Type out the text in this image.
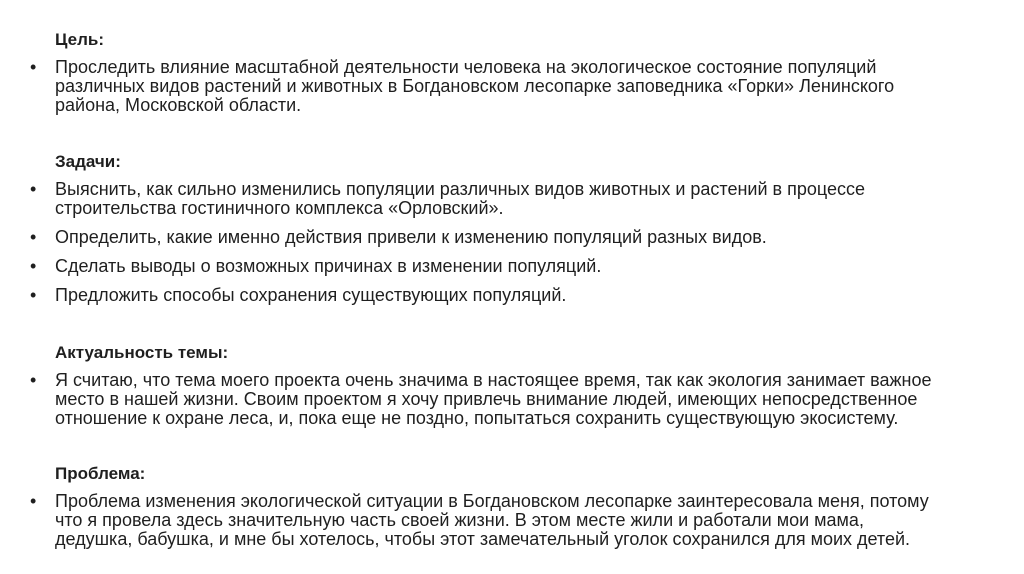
Цель:
•	Проследить влияние масштабной деятельности человека на экологическое состояние популяций
различных видов растений и животных в Богдановском лесопарке заповедника «Горки» Ленинского
района, Московской области.
Задачи:
•	Выяснить, как сильно изменились популяции различных видов животных и растений в процессе
строительства гостиничного комплекса «Орловский».
•	Определить, какие именно действия привели к изменению популяций разных видов.
•	Сделать выводы о возможных причинах в изменении популяций.
•	Предложить способы сохранения существующих популяций.
Актуальность темы:
•	Я считаю, что тема моего проекта очень значима в настоящее время, так как экология занимает важное
место в нашей жизни. Своим проектом я хочу привлечь внимание людей, имеющих непосредственное
отношение к охране леса, и, пока еще не поздно, попытаться сохранить существующую экосистему.
Проблема:
•	Проблема изменения экологической ситуации в Богдановском лесопарке заинтересовала меня, потому
что я провела здесь значительную часть своей жизни. В этом месте жили и работали мои мама,
дедушка, бабушка, и мне бы хотелось, чтобы этот замечательный уголок сохранился для моих детей.
